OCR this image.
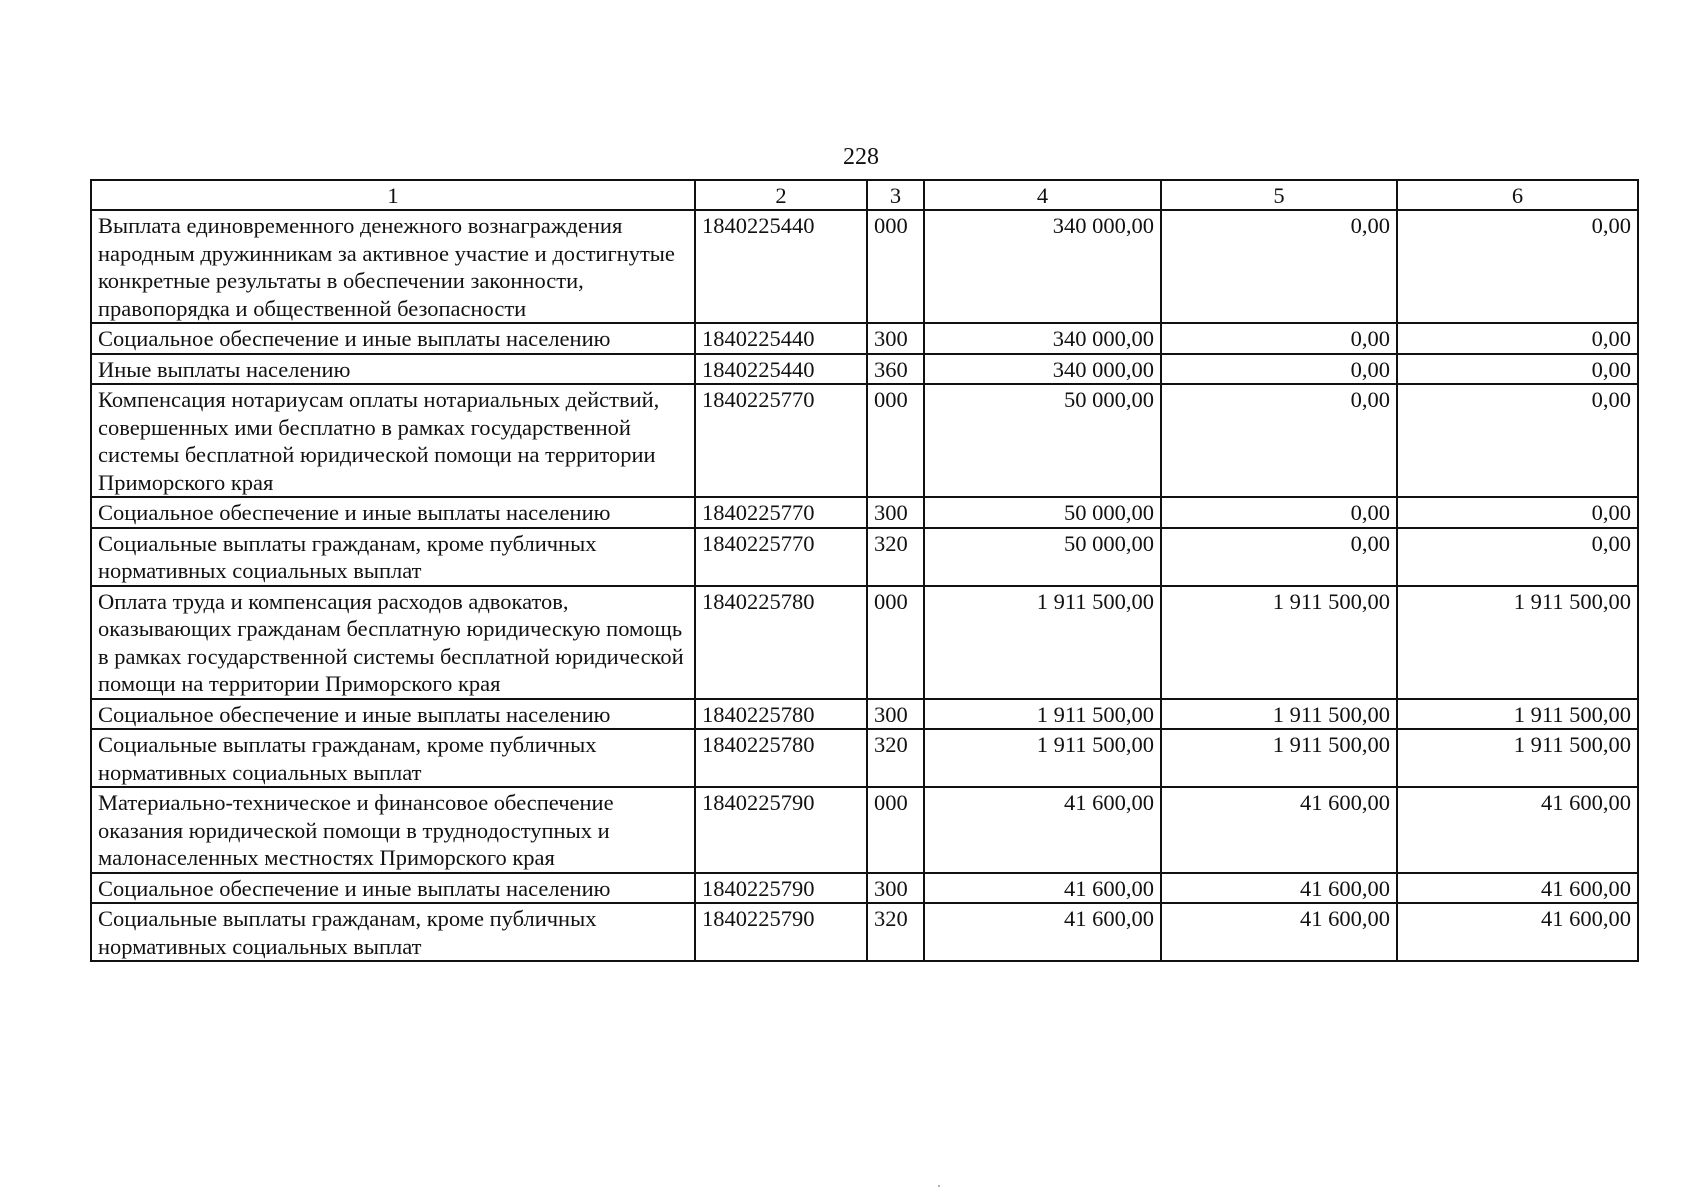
228
1	2	3	4	5	6
Выплата единовременного денежного вознаграждения народным дружинникам за активное участие и достигнутые конкретные результаты в обеспечении законности, правопорядка и общественной безопасности	1840225440	000	340 000,00	0,00	0,00
Социальное обеспечение и иные выплаты населению	1840225440	300	340 000,00	0,00	0,00
Иные выплаты населению	1840225440	360	340 000,00	0,00	0,00
Компенсация нотариусам оплаты нотариальных действий, совершенных ими бесплатно в рамках государственной системы бесплатной юридической помощи на территории Приморского края	1840225770	000	50 000,00	0,00	0,00
Социальное обеспечение и иные выплаты населению	1840225770	300	50 000,00	0,00	0,00
Социальные выплаты гражданам, кроме публичных нормативных социальных выплат	1840225770	320	50 000,00	0,00	0,00
Оплата труда и компенсация расходов адвокатов, оказывающих гражданам бесплатную юридическую помощь в рамках государственной системы бесплатной юридической помощи на территории Приморского края	1840225780	000	1 911 500,00	1 911 500,00	1 911 500,00
Социальное обеспечение и иные выплаты населению	1840225780	300	1 911 500,00	1 911 500,00	1 911 500,00
Социальные выплаты гражданам, кроме публичных нормативных социальных выплат	1840225780	320	1 911 500,00	1 911 500,00	1 911 500,00
Материально-техническое и финансовое обеспечение оказания юридической помощи в труднодоступных и малонаселенных местностях Приморского края	1840225790	000	41 600,00	41 600,00	41 600,00
Социальное обеспечение и иные выплаты населению	1840225790	300	41 600,00	41 600,00	41 600,00
Социальные выплаты гражданам, кроме публичных нормативных социальных выплат	1840225790	320	41 600,00	41 600,00	41 600,00
